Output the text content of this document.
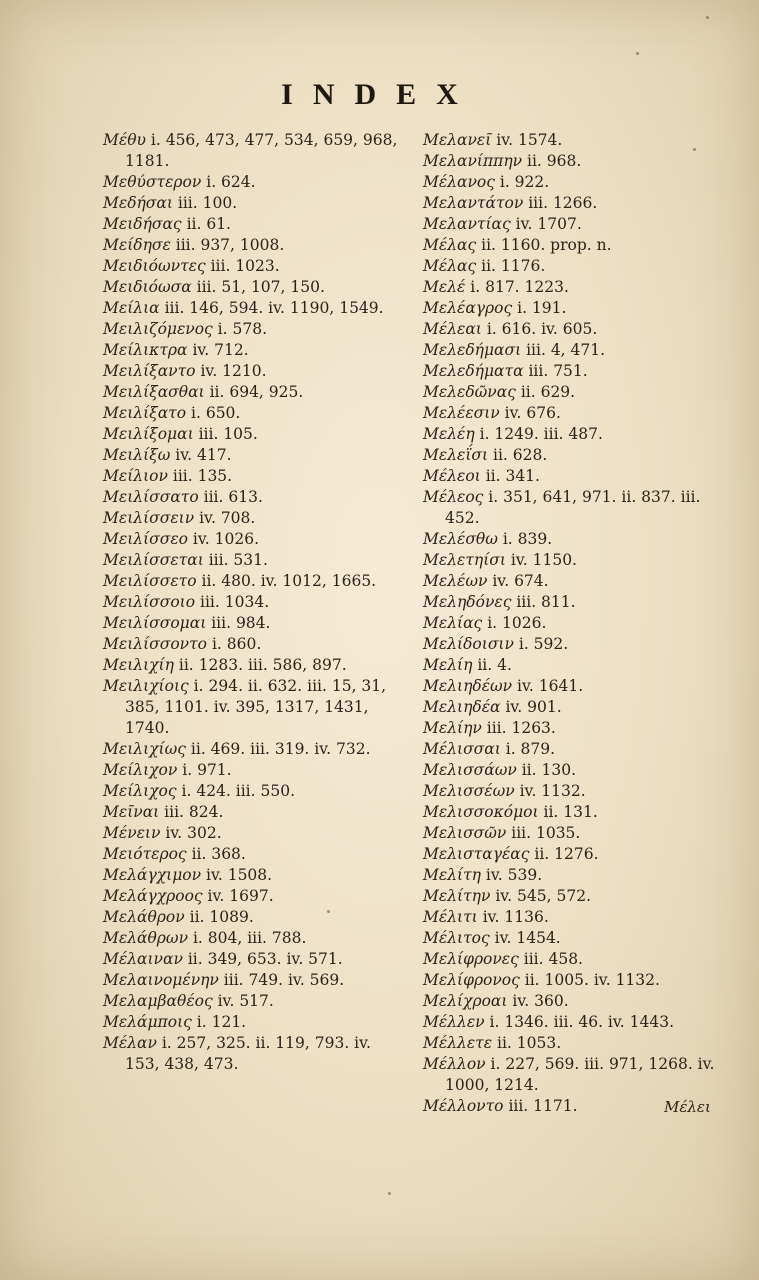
INDEX

Μέθυ i. 456, 473, 477, 534, 659, 968, 1181.

Μεθύστερον i. 624.

Μεδήσαι iii. 100.

Μειδήσας ii. 61.

Μείδησε iii. 937, 1008.

Μειδιόωντες iii. 1023.

Μειδιόωσα iii. 51, 107, 150.

Μείλια iii. 146, 594. iv. 1190, 1549.

Μειλιζόμενος i. 578.

Μείλικτρα iv. 712.

Μειλίξαντο iv. 1210.

Μειλίξασθαι ii. 694, 925.

Μειλίξατο i. 650.

Μειλίξομαι iii. 105.

Μειλίξω iv. 417.

Μείλιον iii. 135.

Μειλίσσατο iii. 613.

Μειλίσσειν iv. 708.

Μειλίσσεο iv. 1026.

Μειλίσσεται iii. 531.

Μειλίσσετο ii. 480. iv. 1012, 1665.

Μειλίσσοιο iii. 1034.

Μειλίσσομαι iii. 984.

Μειλίσσοντο i. 860.

Μειλιχίη ii. 1283. iii. 586, 897.

Μειλιχίοις i. 294. ii. 632. iii. 15, 31, 385, 1101. iv. 395, 1317, 1431, 1740.

Μειλιχίως ii. 469. iii. 319. iv. 732.

Μείλιχον i. 971.

Μείλιχος i. 424. iii. 550.

Μεῖναι iii. 824.

Μένειν iv. 302.

Μειότερος ii. 368.

Μελάγχιμον iv. 1508.

Μελάγχροος iv. 1697.

Μελάθρον ii. 1089.

Μελάθρων i. 804, iii. 788.

Μέλαιναν ii. 349, 653. iv. 571.

Μελαινομένην iii. 749. iv. 569.

Μελαμβαθέος iv. 517.

Μελάμποις i. 121.

Μέλαν i. 257, 325. ii. 119, 793. iv. 153, 438, 473.

Μελανεῖ iv. 1574.

Μελανίππην ii. 968.

Μέλανος i. 922.

Μελαντάτον iii. 1266.

Μελαντίας iv. 1707.

Μέλας ii. 1160. prop. n.

Μέλας ii. 1176.

Μελέ i. 817. 1223.

Μελέαγρος i. 191.

Μέλεαι i. 616. iv. 605.

Μελεδήμασι iii. 4, 471.

Μελεδήματα iii. 751.

Μελεδῶνας ii. 629.

Μελέεσιν iv. 676.

Μελέη i. 1249. iii. 487.

Μελεΐσι ii. 628.

Μέλεοι ii. 341.

Μέλεος i. 351, 641, 971. ii. 837. iii. 452.

Μελέσθω i. 839.

Μελετηίσι iv. 1150.

Μελέων iv. 674.

Μεληδόνες iii. 811.

Μελίας i. 1026.

Μελίδοισιν i. 592.

Μελίη ii. 4.

Μελιηδέων iv. 1641.

Μελιηδέα iv. 901.

Μελίην iii. 1263.

Μέλισσαι i. 879.

Μελισσάων ii. 130.

Μελισσέων iv. 1132.

Μελισσοκόμοι ii. 131.

Μελισσῶν iii. 1035.

Μελισταγέας ii. 1276.

Μελίτη iv. 539.

Μελίτην iv. 545, 572.

Μέλιτι iv. 1136.

Μέλιτος iv. 1454.

Μελίφρονες iii. 458.

Μελίφρονος ii. 1005. iv. 1132.

Μελίχροαι iv. 360.

Μέλλεν i. 1346. iii. 46. iv. 1443.

Μέλλετε ii. 1053.

Μέλλον i. 227, 569. iii. 971, 1268. iv. 1000, 1214.

Μέλλοντο iii. 1171.	Μέλει
